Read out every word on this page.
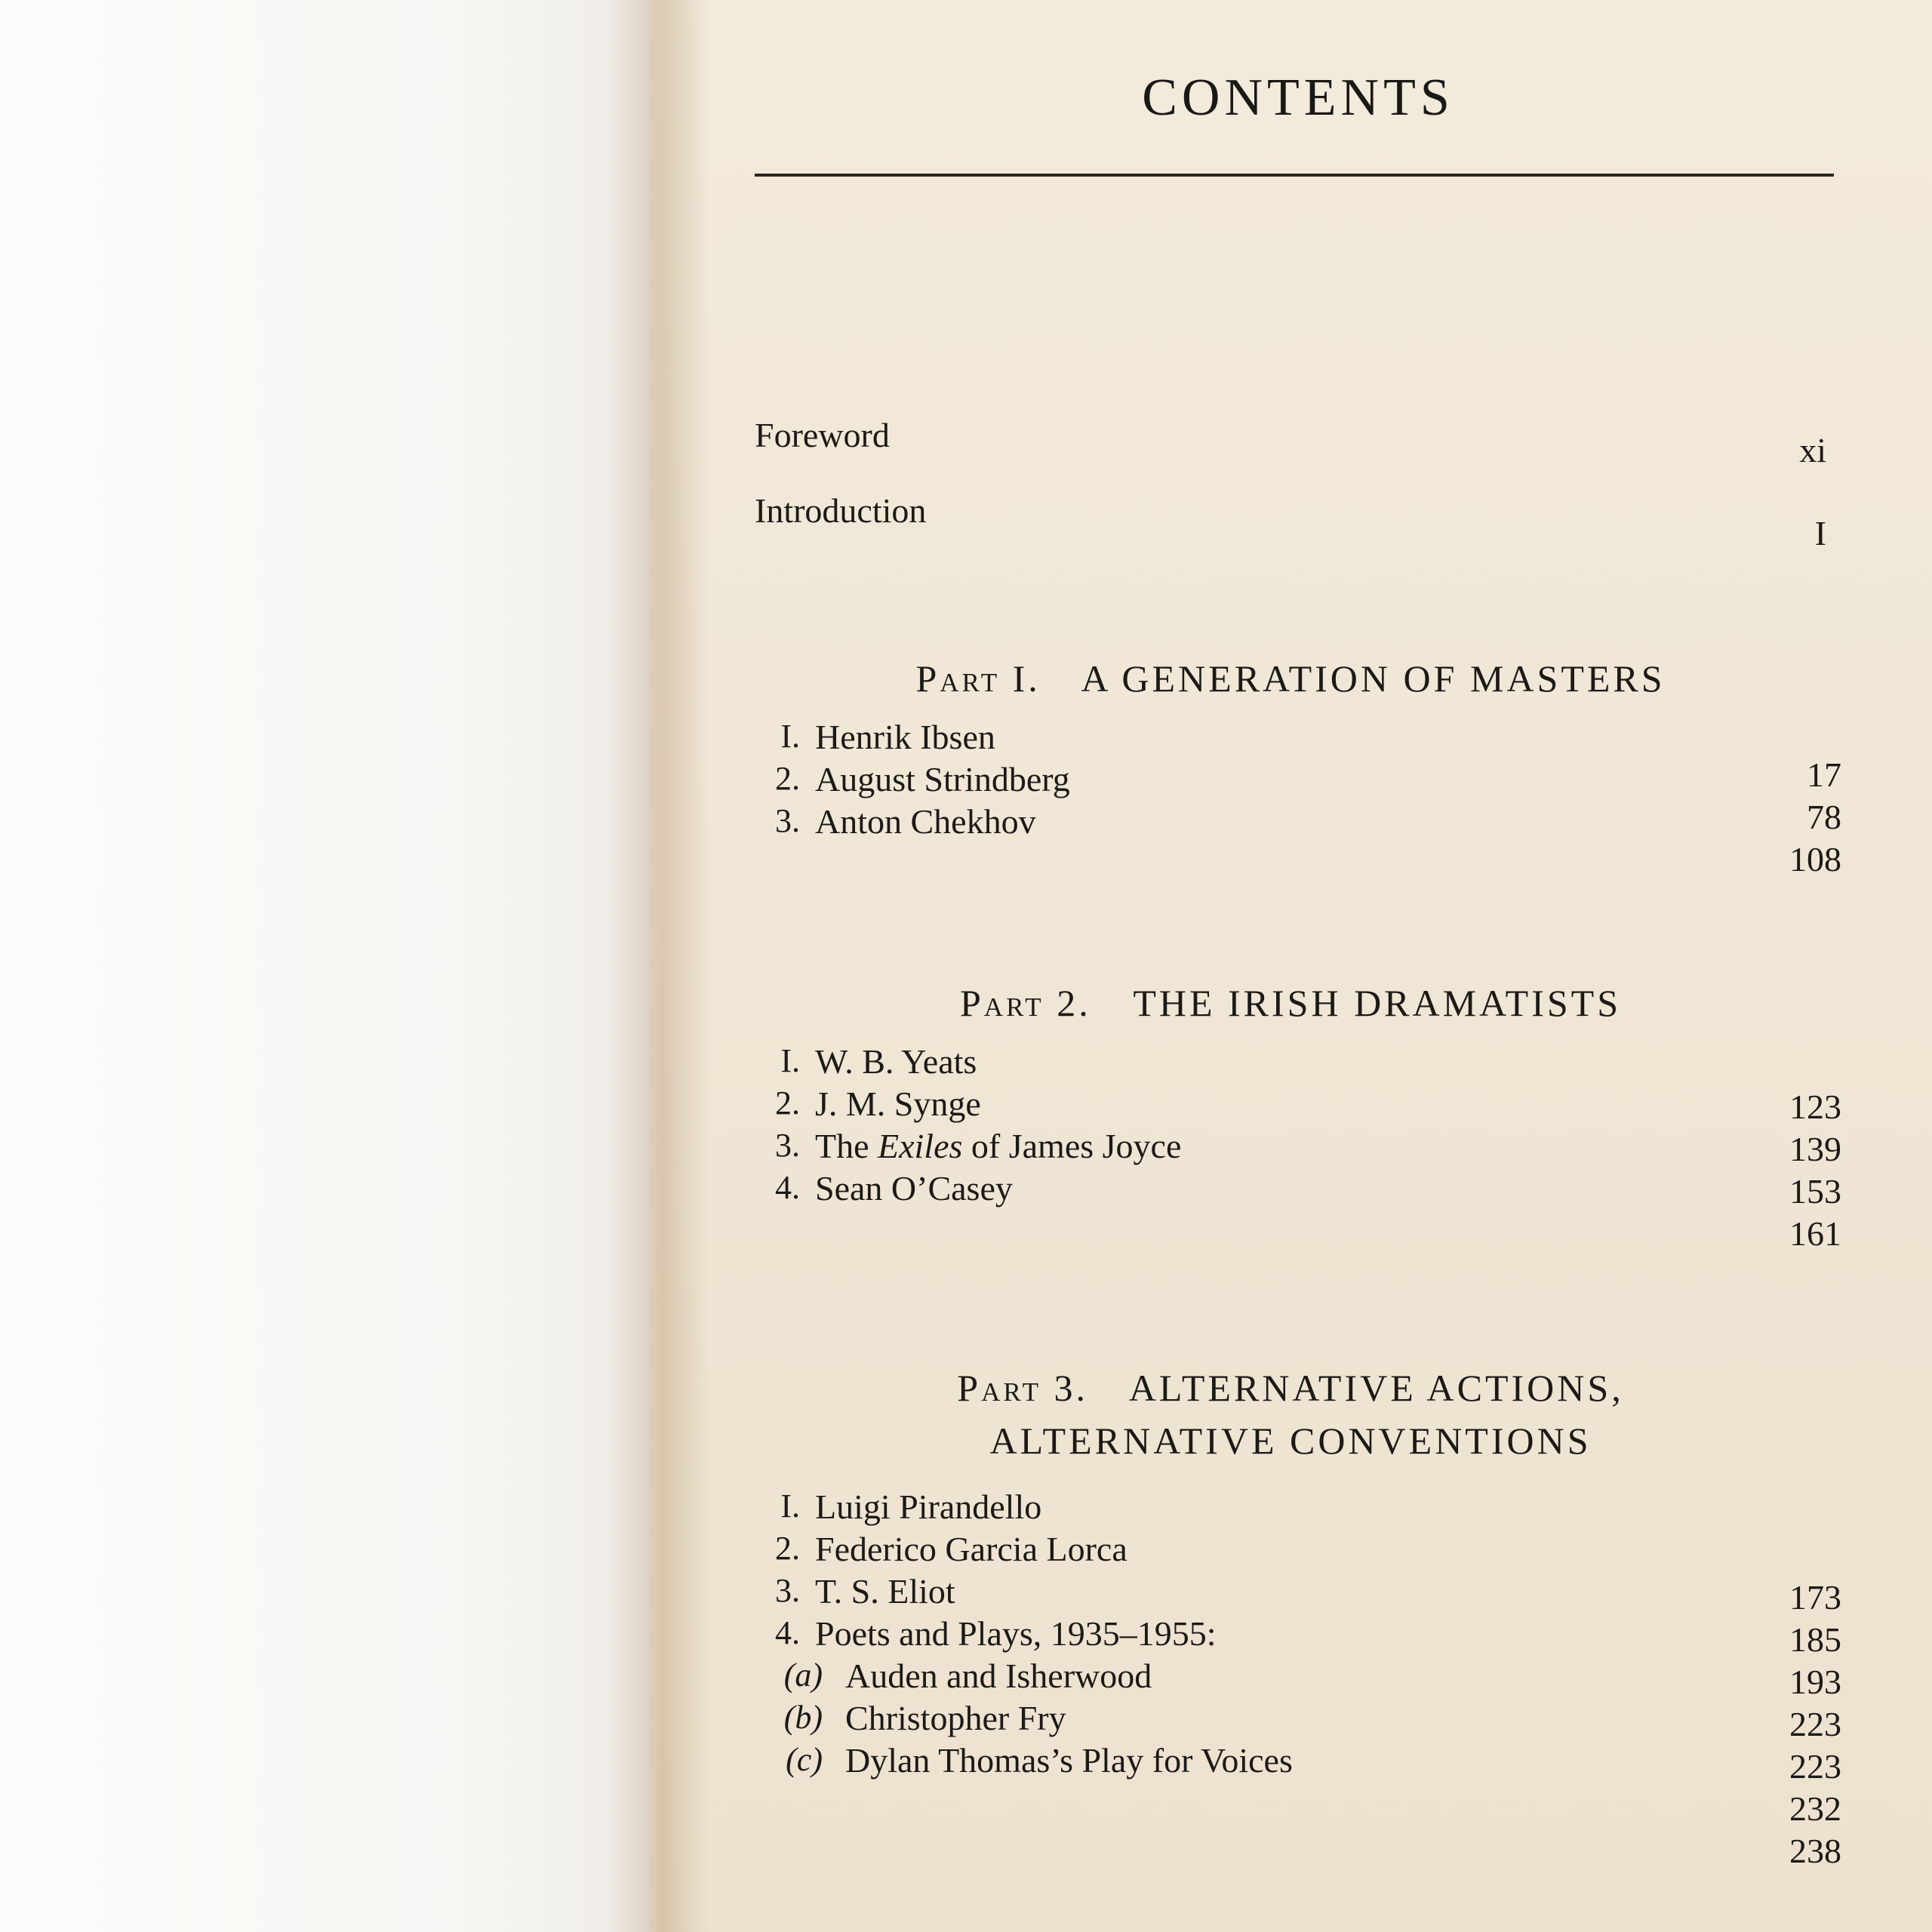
CONTENTS
Foreword	xi
Introduction
I
Part I. A GENERATION OF MASTERS
I. Henrik Ibsen
2. August Strindberg
3. Anton Chekhov
17
78
108
Part 2. THE IRISH DRAMATISTS
I. W. B. Yeats
2. J. M. Synge
3. The Exiles of James Joyce
4. Sean O’Casey
123
139
153
161
Part 3. ALTERNATIVE ACTIONS,
ALTERNATIVE CONVENTIONS
I. Luigi Pirandello
2. Federico Garcia Lorca
3. T. S. Eliot
4. Poets and Plays, 1935–1955:
(a) Auden and Isherwood
(b) Christopher Fry
(c) Dylan Thomas’s Play for Voices
173
185
193
223
223
232
238
